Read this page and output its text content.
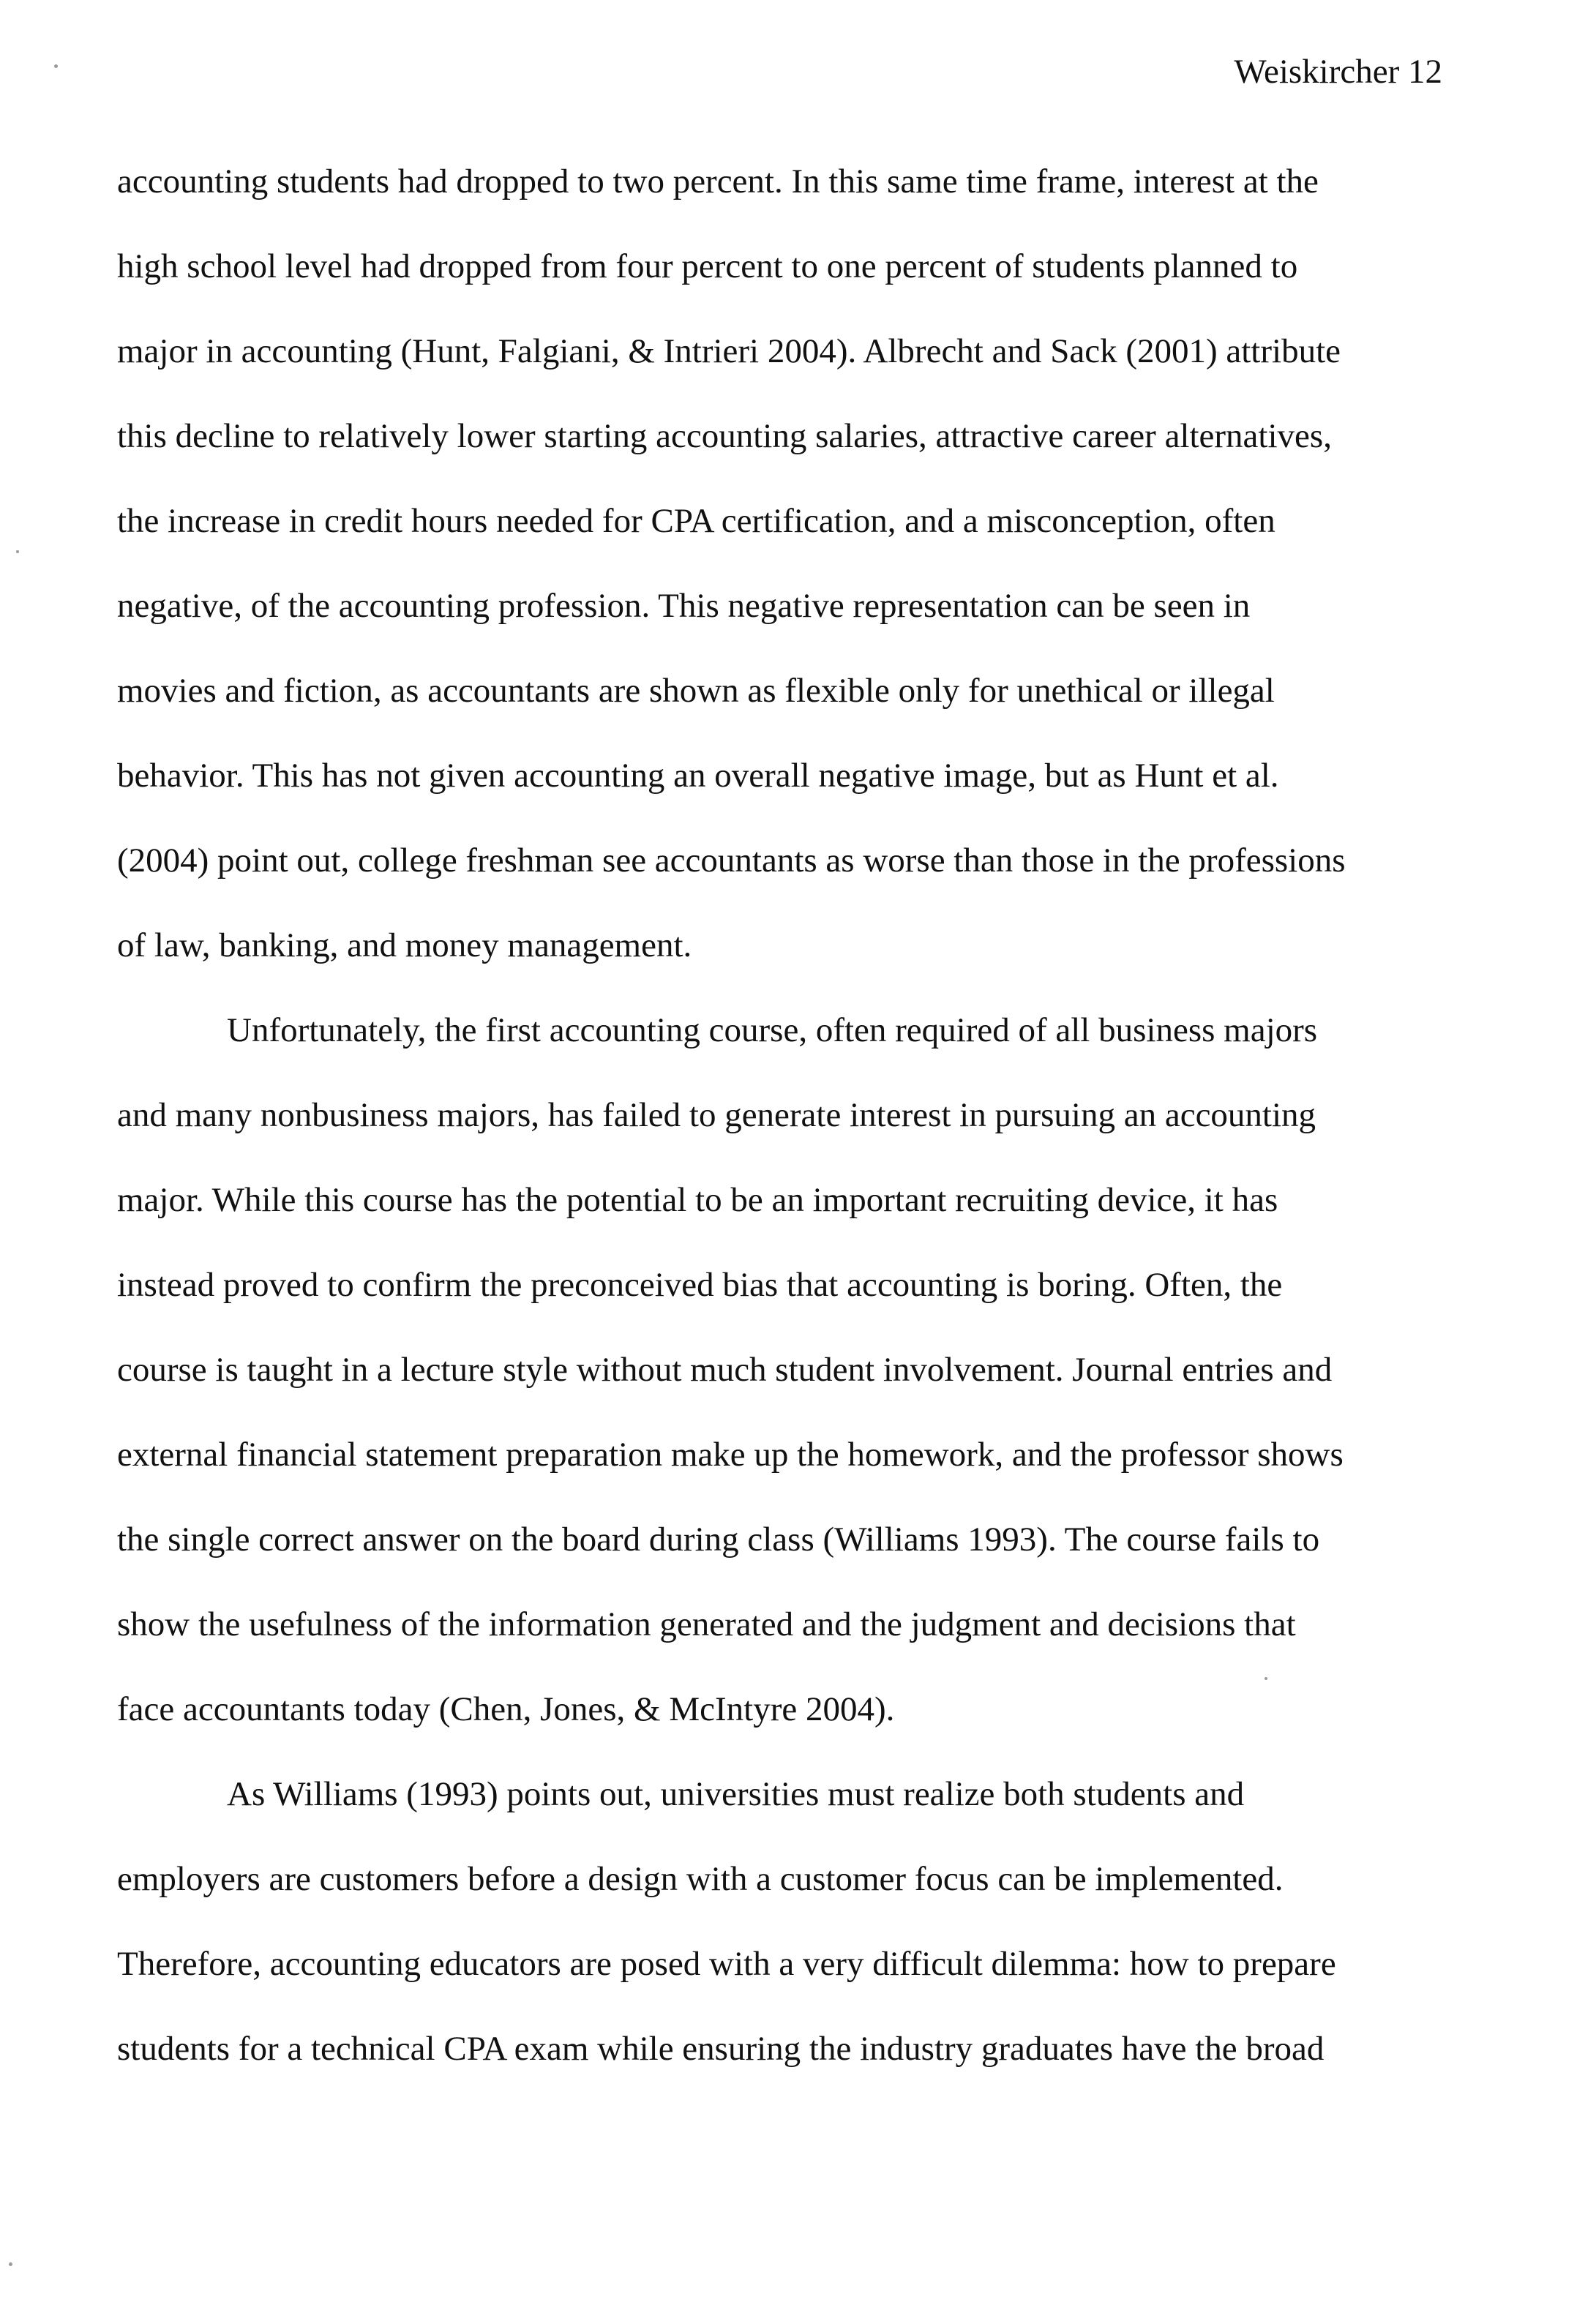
Weiskircher 12
accounting students had dropped to two percent. In this same time frame, interest at the
high school level had dropped from four percent to one percent of students planned to
major in accounting (Hunt, Falgiani, & Intrieri 2004). Albrecht and Sack (2001) attribute
this decline to relatively lower starting accounting salaries, attractive career alternatives,
the increase in credit hours needed for CPA certification, and a misconception, often
negative, of the accounting profession. This negative representation can be seen in
movies and fiction, as accountants are shown as flexible only for unethical or illegal
behavior. This has not given accounting an overall negative image, but as Hunt et al.
(2004) point out, college freshman see accountants as worse than those in the professions
of law, banking, and money management.
Unfortunately, the first accounting course, often required of all business majors
and many nonbusiness majors, has failed to generate interest in pursuing an accounting
major. While this course has the potential to be an important recruiting device, it has
instead proved to confirm the preconceived bias that accounting is boring. Often, the
course is taught in a lecture style without much student involvement. Journal entries and
external financial statement preparation make up the homework, and the professor shows
the single correct answer on the board during class (Williams 1993). The course fails to
show the usefulness of the information generated and the judgment and decisions that
face accountants today (Chen, Jones, & McIntyre 2004).
As Williams (1993) points out, universities must realize both students and
employers are customers before a design with a customer focus can be implemented.
Therefore, accounting educators are posed with a very difficult dilemma: how to prepare
students for a technical CPA exam while ensuring the industry graduates have the broad
